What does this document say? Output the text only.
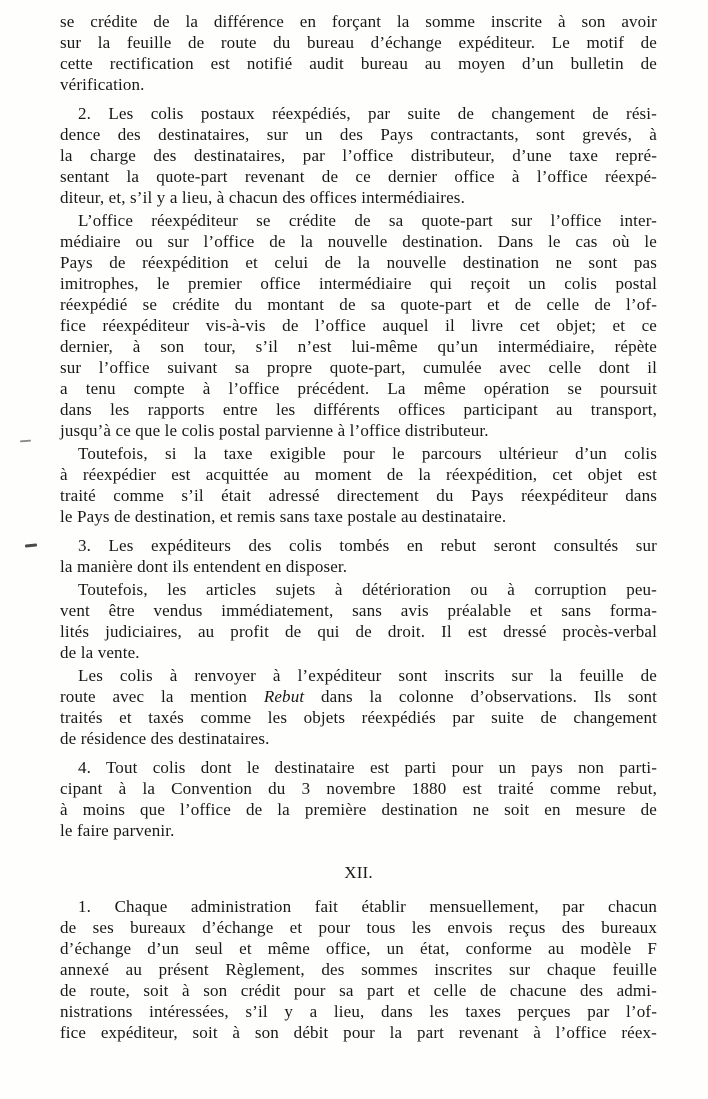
se crédite de la différence en forçant la somme inscrite à son avoir
sur la feuille de route du bureau d’échange expéditeur. Le motif de
cette rectification est notifié audit bureau au moyen d’un bulletin de
vérification.

2. Les colis postaux réexpédiés, par suite de changement de rési-
dence des destinataires, sur un des Pays contractants, sont grevés, à
la charge des destinataires, par l’office distributeur, d’une taxe repré-
sentant la quote-part revenant de ce dernier office à l’office réexpé-
diteur, et, s’il y a lieu, à chacun des offices intermédiaires.

L’office réexpéditeur se crédite de sa quote-part sur l’office inter-
médiaire ou sur l’office de la nouvelle destination. Dans le cas où le
Pays de réexpédition et celui de la nouvelle destination ne sont pas
imitrophes, le premier office intermédiaire qui reçoit un colis postal
réexpédié se crédite du montant de sa quote-part et de celle de l’of-
fice réexpéditeur vis-à-vis de l’office auquel il livre cet objet; et ce
dernier, à son tour, s’il n’est lui-même qu’un intermédiaire, répète
sur l’office suivant sa propre quote-part, cumulée avec celle dont il
a tenu compte à l’office précédent. La même opération se poursuit
dans les rapports entre les différents offices participant au transport,
jusqu’à ce que le colis postal parvienne à l’office distributeur.

Toutefois, si la taxe exigible pour le parcours ultérieur d’un colis
à réexpédier est acquittée au moment de la réexpédition, cet objet est
traité comme s’il était adressé directement du Pays réexpéditeur dans
le Pays de destination, et remis sans taxe postale au destinataire.

3. Les expéditeurs des colis tombés en rebut seront consultés sur
la manière dont ils entendent en disposer.

Toutefois, les articles sujets à détérioration ou à corruption peu-
vent être vendus immédiatement, sans avis préalable et sans forma-
lités judiciaires, au profit de qui de droit. Il est dressé procès-verbal
de la vente.

Les colis à renvoyer à l’expéditeur sont inscrits sur la feuille de
route avec la mention Rebut dans la colonne d’observations. Ils sont
traités et taxés comme les objets réexpédiés par suite de changement
de résidence des destinataires.

4. Tout colis dont le destinataire est parti pour un pays non parti-
cipant à la Convention du 3 novembre 1880 est traité comme rebut,
à moins que l’office de la première destination ne soit en mesure de
le faire parvenir.

XII.

1. Chaque administration fait établir mensuellement, par chacun
de ses bureaux d’échange et pour tous les envois reçus des bureaux
d’échange d’un seul et même office, un état, conforme au modèle F
annexé au présent Règlement, des sommes inscrites sur chaque feuille
de route, soit à son crédit pour sa part et celle de chacune des admi-
nistrations intéressées, s’il y a lieu, dans les taxes perçues par l’of-
fice expéditeur, soit à son débit pour la part revenant à l’office réex-
